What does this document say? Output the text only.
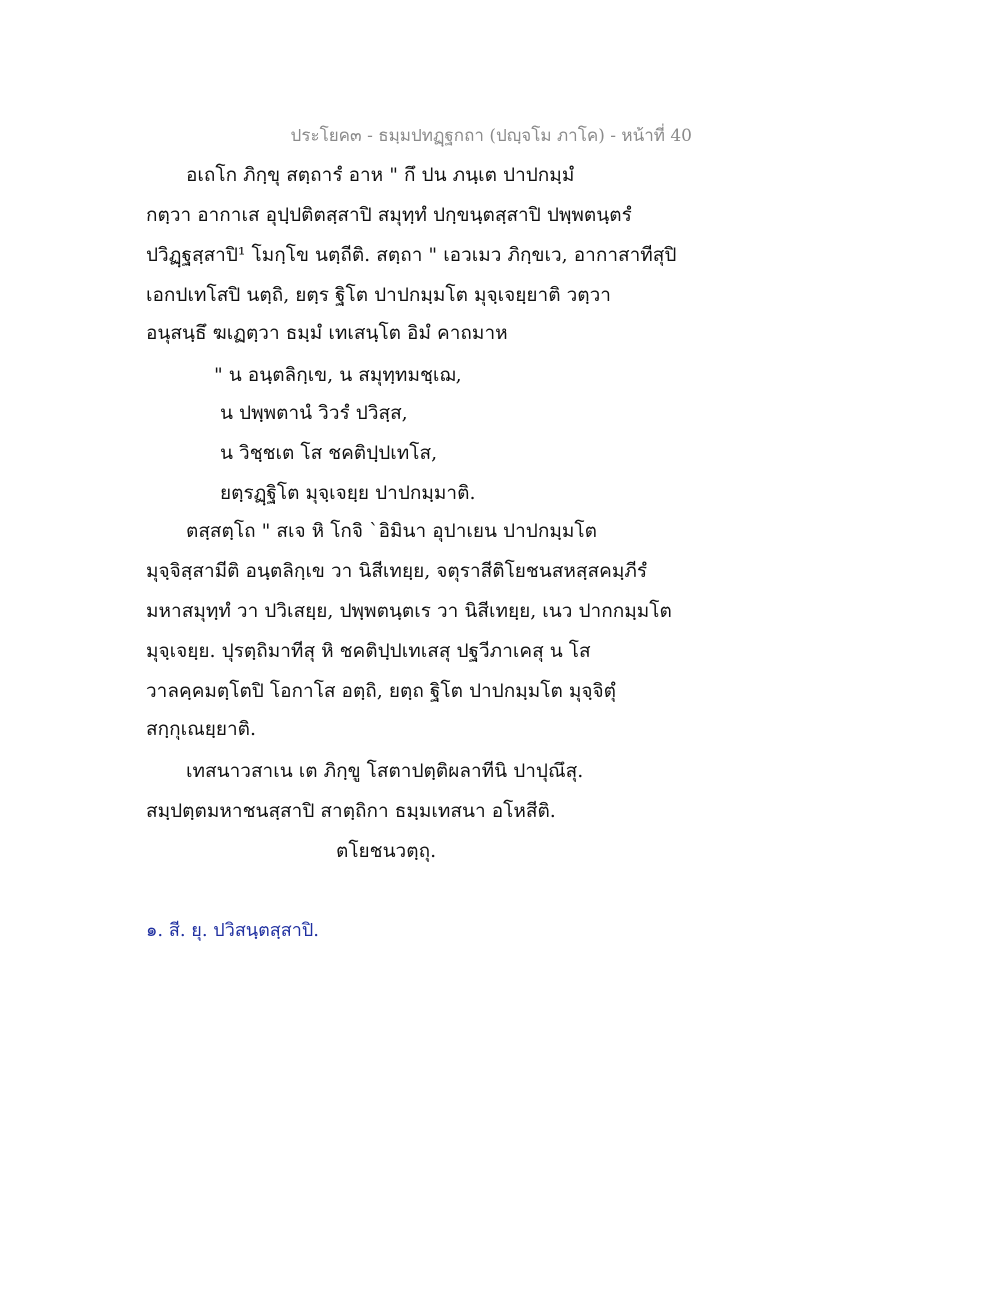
ประโยค๓ - ธมฺมปทฏฺฐกถา (ปญฺจโม ภาโค) - หน้าที่ 40
อเถโก ภิกฺขุ สตฺถารํ อาห " กึ ปน ภนฺเต ปาปกมฺมํ
กตฺวา อากาเส อุปฺปติตสฺสาปิ สมุทฺทํ ปกฺขนฺตสฺสาปิ ปพฺพตนฺตรํ
ปวิฏฺฐสฺสาปิ¹ โมกฺโข นตฺถีติ. สตฺถา " เอวเมว ภิกฺขเว, อากาสาทีสุปิ
เอกปเทโสปิ นตฺถิ, ยตฺร ฐิโต ปาปกมฺมโต มุจฺเจยฺยาติ วตฺวา
อนุสนฺธึ ฆเฏตฺวา ธมฺมํ เทเสนฺโต อิมํ คาถมาห
" น อนฺตลิกฺเข, น สมุทฺทมชฺเฌ,
น ปพฺพตานํ วิวรํ ปวิสฺส,
น วิชฺชเต โส ชคติปฺปเทโส,
ยตฺรฏฺฐิโต มุจฺเจยฺย ปาปกมฺมาติ.
ตสฺสตฺโถ " สเจ หิ โกจิ `อิมินา อุปาเยน ปาปกมฺมโต
มุจฺจิสฺสามีติ อนฺตลิกฺเข วา นิสีเทยฺย, จตุราสีติโยชนสหสฺสคมฺภีรํ
มหาสมุทฺทํ วา ปวิเสยฺย, ปพฺพตนฺตเร วา นิสีเทยฺย, เนว ปากกมฺมโต
มุจฺเจยฺย. ปุรตฺถิมาทีสุ หิ ชคติปฺปเทเสสุ ปฐวีภาเคสุ น โส
วาลคฺคมตฺโตปิ โอกาโส อตฺถิ, ยตฺถ ฐิโต ปาปกมฺมโต มุจฺจิตุํ
สกฺกุเณยฺยาติ.
เทสนาวสาเน เต ภิกฺขู โสตาปตฺติผลาทีนิ ปาปุณึสุ.
สมฺปตฺตมหาชนสฺสาปิ สาตฺถิกา ธมฺมเทสนา อโหสีติ.
ตโยชนวตฺถุ.
๑. สี. ยุ. ปวิสนฺตสฺสาปิ.
